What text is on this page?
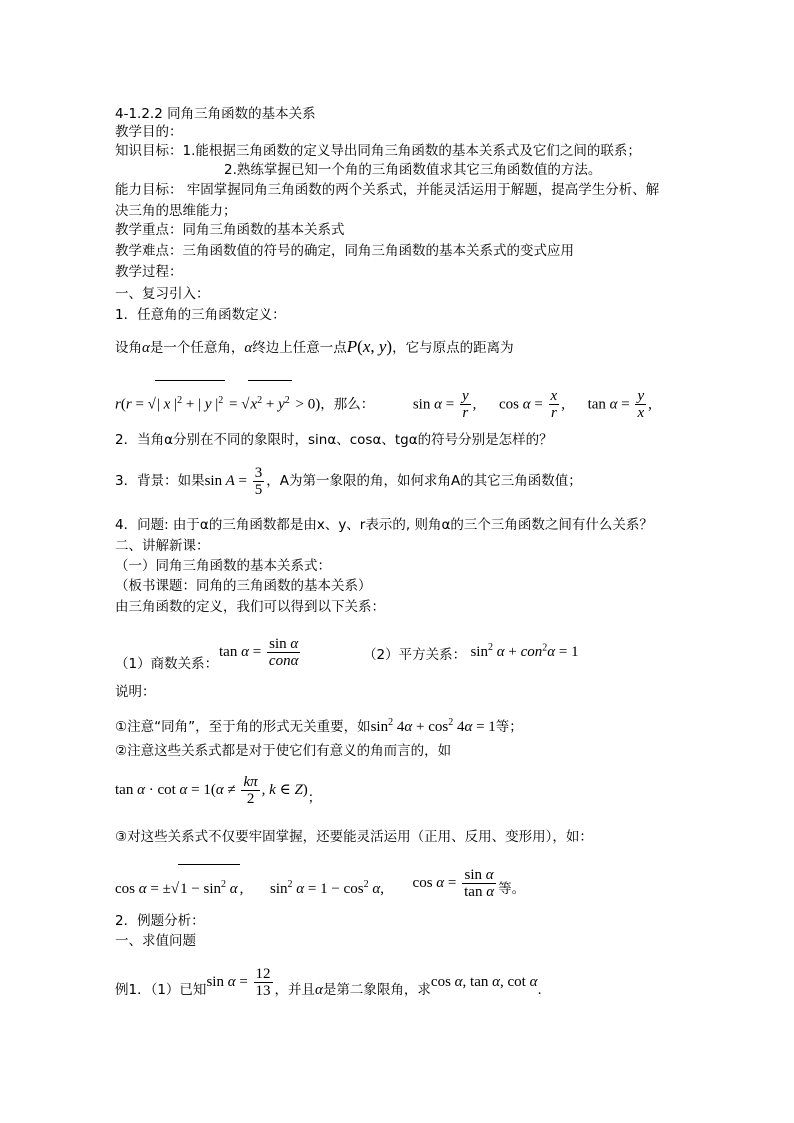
4-1.2.2 同角三角函数的基本关系
教学目的：
知识目标：1.能根据三角函数的定义导出同角三角函数的基本关系式及它们之间的联系；
2.熟练掌握已知一个角的三角函数值求其它三角函数值的方法。
能力目标： 牢固掌握同角三角函数的两个关系式，并能灵活运用于解题，提高学生分析、解
决三角的思维能力；
教学重点：同角三角函数的基本关系式
教学难点：三角函数值的符号的确定，同角三角函数的基本关系式的变式应用
教学过程：
一、复习引入：
1．任意角的三角函数定义：
设角α是一个任意角，α终边上任意一点P(x, y)，它与原点的距离为
r(r = √| x $|^2$ + | y $|^2 = √x^2 + y^2 > 0$)，那么：	$\sin \alpha = \frac{y}{r}$ , $\cos \alpha = \frac{x}{r}$ , $\tan \alpha = \frac{y}{x}$ ,
2．当角α分别在不同的象限时，sinα、cosα、tgα的符号分别是怎样的？
3．背景：如果$\sin A = \frac{3}{5}$ ，A为第一象限的角，如何求角A的其它三角函数值；
4．问题: 由于α的三角函数都是由x、y、r表示的, 则角α的三个三角函数之间有什么关系？
二、讲解新课：
（一）同角三角函数的基本关系式：
（板书课题：同角的三角函数的基本关系）
由三角函数的定义，我们可以得到以下关系：
（1）商数关系：$\tan \alpha = \frac{\text{sin α}}{\text{conα}}$	（2）平方关系： $\sin^2 \alpha + con^2\alpha = 1$
说明：
①注意“同角”，至于角的形式无关重要，如$\sin^2 4\alpha + \cos^2 4\alpha = 1$等；
②注意这些关系式都是对于使它们有意义的角而言的，如
$\tan \alpha \cdot \cot \alpha = 1(\alpha \ne \frac{k\pi}{2}$ , k ∈ Z)；
③对这些关系式不仅要牢固掌握，还要能灵活运用（正用、反用、变形用），如：
$\cos \alpha = \pm√1 - \sin^2 \alpha$ , $\sin^2 \alpha = 1 - \cos^2 \alpha$, $\cos \alpha = \frac{\text{sin α}}{\text{tan α}}$ 等。
2．例题分析：
一、求值问题
例1．（1）已知$\sin \alpha = \frac{12}{13}$ ，并且α是第二象限角，求cos α, tan α, cot α．
